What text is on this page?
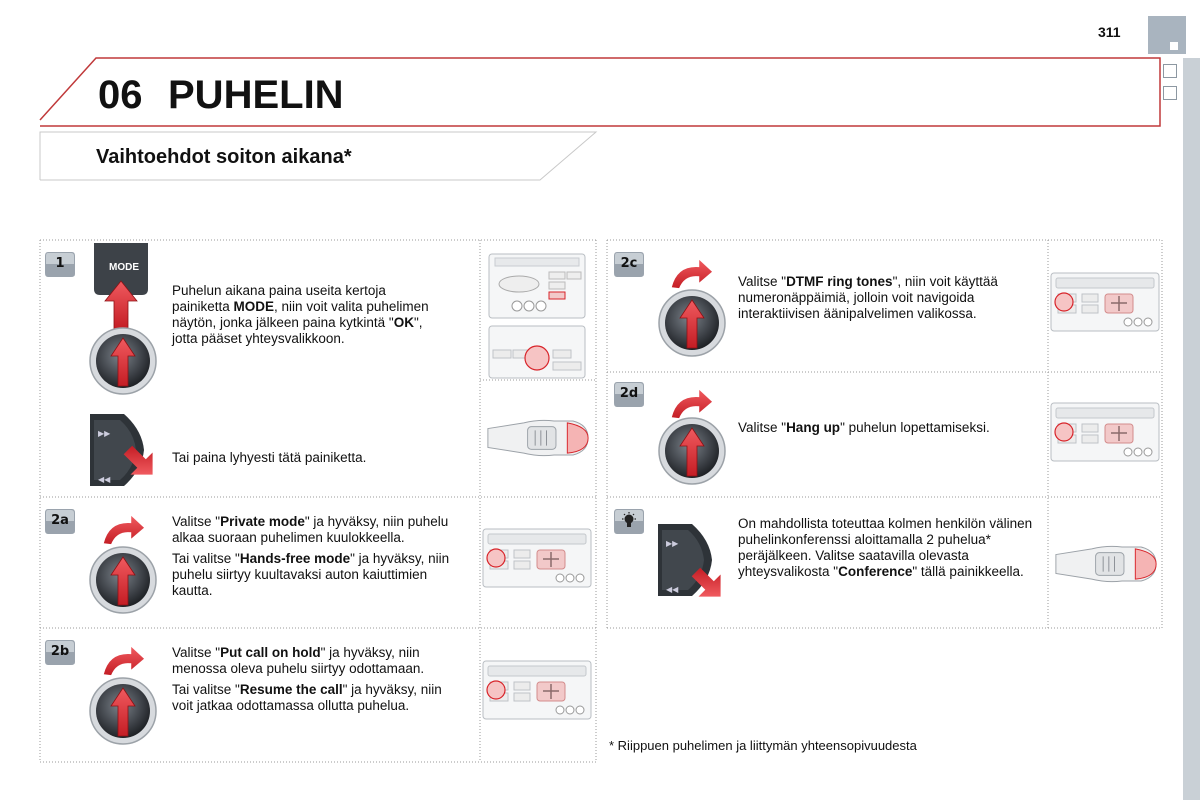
311
06 PUHELIN
Vaihtoehdot soiton aikana*
1	MODE

Puhelun aikana paina useita kertoja painiketta MODE, niin voit valita puhelimen näytön, jonka jälkeen paina kytkintä "OK", jotta pääset yhteysvalikkoon.

Tai paina lyhyesti tätä painiketta.
2a	Valitse "Private mode" ja hyväksy, niin puhelu alkaa suoraan puhelimen kuulokkeella.

Tai valitse "Hands-free mode" ja hyväksy, niin puhelu siirtyy kuultavaksi auton kaiuttimien kautta.

2b	Valitse "Put call on hold" ja hyväksy, niin menossa oleva puhelu siirtyy odottamaan.

Tai valitse "Resume the call" ja hyväksy, niin voit jatkaa odottamassa ollutta puhelua.

2c

Valitse "DTMF ring tones", niin voit käyttää numeronäppäimiä, jolloin voit navigoida interaktiivisen äänipalvelimen valikossa.

2d

Valitse "Hang up" puhelun lopettamiseksi.

On mahdollista toteuttaa kolmen henkilön välinen puhelinkonferenssi aloittamalla 2 puhelua* peräjälkeen. Valitse saatavilla olevasta yhteysvalikosta "Conference" tällä painikkeella.

* Riippuen puhelimen ja liittymän yhteensopivuudesta
